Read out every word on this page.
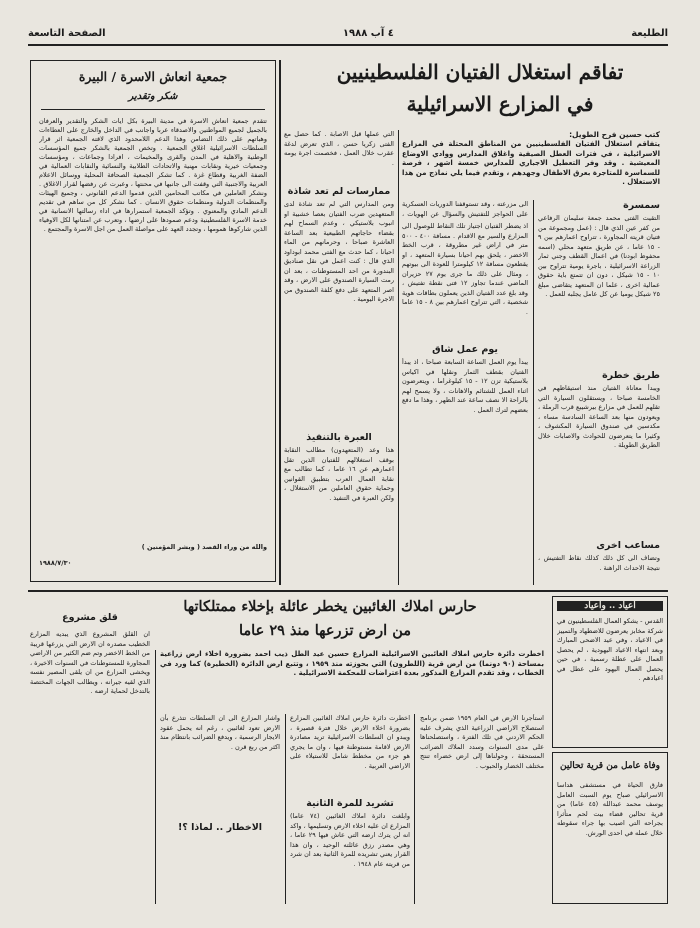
الطليعة
٤ آب ١٩٨٨
الصفحة التاسعة
تفاقم استغلال الفتيان الفلسطينيين
في المزارع الاسرائيلية
كتب حسين فرح الطويل:
يتفاقم استغلال الفتيان الفلسطينيين من المناطق المحتلة في المزارع الاسرائيلية ، في فترات العطل الصيفية واغلاق المدارس ووادي الاوضاع المعيشية . وقد وفر التعطيل الاجباري للمدارس خمسة اشهر ، فرصة للسماسرة للمتاجرة بعرق الاطفال وجهدهم ، وتقدم فيما يلي نماذج من هذا الاستغلال .
سمسرة
التقيت الفتى محمد جمعة سليمان الرفاعي من كفر عين الذي قال : (عمل ومجموعة من فتيان قريته المجاورة ، تتراوح اعمارهم بين ٩ - ١٥ عاما ، عن طريق متعهد محلي (اسمه محفوظ ابودنا) في اعمال القطف وجني ثمار الزراعة الاسرائيلية ، باجرة يومية تتراوح بين ١٠ - ١٥ شيكل ، دون ان تتمتع باية حقوق عمالية اخرى ، علما ان المتعهد يتقاضى مبلغ ٢٥ شيكل يوميا عن كل عامل يجلبه للعمل .
طريق خطرة
ويبدأ معاناة الفتيان منذ استيقاظهم في الخامسة صباحا ، ويستقلون السيارة التي تقلهم للعمل في مزارع بيرشيبع قرب الرملة ، ويعودون منها بعد الساعة السادسة مساء ، مكدسين في صندوق السيارة المكشوف ، وكثيرا ما يتعرضون للحوادث والاصابات خلال الطريق الطويلة .
مساعب اخرى
وتضاف الى كل ذلك كذلك نقاط التفتيش ، نتيجة الاحداث الراهنة .
الى مزرعته ، وقد تستوقفنا الدوريات العسكرية على الحواجز للتفتيش والسؤال عن الهويات ،
اذ يضطر الفتيان اجتياز تلك النقاط للوصول الى المزارع والسير مع الاقدام . مسافة ٤٠٠ - ٥٠٠ متر في اراض غير مطروقة ، قرب الخط الاخضر ، يلحق بهم احيانا بسيارة المتعهد ، او يقطعون مسافة ١٢ كيلومترا للعودة الى بيوتهم ، ومثال على ذلك ما جرى يوم ٢٧ حزيران الماضي عندما تجاوز ١٢ فتى نقطة تفتيش ، وقد بلغ عدد الفتيان الذين يعملون بطاقات هوية شخصية ، التي تتراوح اعمارهم بين ٨ - ١٥ عاما .
يوم عمل شاق
يبدأ يوم العمل الساعة السابعة صباحا ، اذ يبدأ الفتيان بقطف الثمار ونقلها في اكياس بلاستيكية تزن ١٢ - ١٥ كيلوغراما ، ويتعرضون اثناء العمل للشتائم والاهانات ، ولا يسمح لهم بالراحة الا نصف ساعة عند الظهر ، وهذا ما دفع بعضهم لترك العمل .
التي عملها قبل الاصابة . كما حصل مع الفتى زكريا حسن ، الذي تعرض لدغة عقرب خلال العمل ، فخصمت اجرة يومه .
ممارسات لم تعد شاذة
ومن المدارس التي لم تعد شاذة لدى المتعهدين ضرب الفتيان بعصا خشبية او انبوب بلاستيكي ، وعدم السماح لهم بقضاء حاجاتهم الطبيعية بعد الساعة العاشرة صباحا ، وحرمانهم من الماء احيانا ، كما حدث مع الفتى محمد ابوداود الذي قال : كنت اعمل في نقل صناديق البندورة من احد المستوطنات ، بعد ان رمت السيارة الصندوق على الارض ، وقد اصر المتعهد على دفع كلفة الصندوق من الاجرة اليومية .
العبرة بالتنفيذ
هذا وعد (المتعهدون) مطالب النقابة بوقف استغلالهم للفتيان الذين تقل اعمارهم عن ١٦ عاما ، كما تطالب مع نقابة العمال العرب بتطبيق القوانين وحماية حقوق العاملين من الاستغلال ، ولكن العبرة في التنفيذ .
جمعية انعاش الاسرة / البيرة
شكر وتقدير
تتقدم جمعية انعاش الاسرة في مدينة البيرة بكل ايات الشكر والتقدير والعرفان بالجميل لجميع المواطنين والاصدقاء عربا واجانب في الداخل والخارج على العطاءات وهباتهم على ذلك التضامن وهذا الدعم اللامحدود الذي لاقته الجمعية اثر قرار السلطات الاسرائيلية اغلاق الجمعية . وتخص الجمعية بالشكر جميع المؤسسات الوطنية والاهلية في المدن والقرى والمخيمات ، افرادا وجماعات ، ومؤسسات وجمعيات خيرية ونقابات مهنية والاتحادات الطلابية والنسائية والنقابات العمالية في الضفة الغربية وقطاع غزة . كما تشكر الجمعية الصحافة المحلية ووسائل الاعلام العربية والاجنبية التي وقفت الى جانبها في محنتها ، وعبرت عن رفضها لقرار الاغلاق . ونشكر العاملين في مكاتب المحامين الذين قدموا الدعم القانوني ، وجميع الهيئات والمنظمات الدولية ومنظمات حقوق الانسان . كما نشكر كل من ساهم في تقديم الدعم المادي والمعنوي . وتؤكد الجمعية استمرارها في اداء رسالتها الانسانية في خدمة الاسرة الفلسطينية ودعم صمودها على ارضها ، وتعرب عن امتنانها لكل الاوفياء الذين شاركوها همومها ، وتجدد العهد على مواصلة العمل من اجل الاسرة والمجتمع .
والله من وراء القصد ( وبشر المؤمنين )
١٩٨٨/٧/٣٠
حارس املاك الغائبين يخطر عائلة بإخلاء ممتلكاتها
من ارض تزرعها منذ ٢٩ عاما
اخطرت دائرة حارس املاك الغائبين الاسرائيلية المزارع حسين عيد الطل ذيب احمد بضرورة اخلاء ارض زراعية بمساحة (٩٠ دونما) من ارض قرية (اللطرون) التي بحوزته منذ ١٩٥٩ ، وتتبع ارض الدائرة (الخطيرة) كما ورد في الخطاب ، وقد تقدم المزارع المذكور بعدة اعتراضات للمحكمة الاسرائيلية .
استأجرنا الارض في العام ١٩٥٩ ضمن برنامج استصلاح الاراضي الزراعية الذي يشرف عليه الحكم الاردني في تلك الفترة ، واستصلحناها على مدى السنوات وسدد الملاك الضرائب المستحقة ، وحولناها إلى ارض خضراء تنتج مختلف الخضار والحبوب .
اخطرت دائرة حارس املاك الغائبين المزارع بضرورة اخلاء الارض خلال فترة قصيرة ، ويبدو ان السلطات الاسرائيلية تريد مصادرة الارض لاقامة مستوطنة فيها ، وان ما يجري هو جزء من مخطط شامل للاستيلاء على الاراضي العربية .
تشريد للمرة الثانية
وابلغت دائرة املاك الغائبين (٧٤ عاما) المزارع ان عليه اخلاء الارض وتسليمها ، واكد انه لن يترك ارضه التي عاش فيها ٢٩ عاما ، وهي مصدر رزق عائلته الوحيد ، وان هذا القرار يعني تشريده للمرة الثانية بعد ان شرد من قريته عام ١٩٤٨ .
واشار المزارع الى ان السلطات تتذرع بأن الارض تعود لغائبين ، رغم انه يحمل عقود الايجار الرسمية ، ويدفع الضرائب بانتظام منذ اكثر من ربع قرن .
الاخطار .. لماذا ؟!
قلق مشروع
ان القلق المشروع الذي يبديه المزارع الخطيب مصدره ان الارض التي يزرعها قريبة من الخط الاخضر وتم ضم الكثير من الاراضي المجاورة للمستوطنات في السنوات الاخيرة ، ويخشى المزارع من ان يلقى المصير نفسه الذي لقيه جيرانه ، ويطالب الجهات المختصة بالتدخل لحماية ارضه .
اعياد .. واعياد
القدس - يشكو العمال الفلسطينيون في شركة مخابز يعرضون للاضطهاد والتمييز في الاعياد ، وفي عيد الاضحى المبارك وبعد انتهاء الاعياد اليهودية ، لم يحصل العمال على عطلة رسمية ، في حين يحصل العمال اليهود على عطل في اعيادهم .
وفاة عامل من قرية تحالين
فارق الحياة في مستشفى هداسا الاسرائيلي صباح يوم السبت العامل يوسف محمد عبدالله (٤٥ عاما) من قرية تحالين قضاء بيت لحم متأثرا بجراحه التي اصيب بها جراء سقوطه خلال عمله في احدى الورش.
